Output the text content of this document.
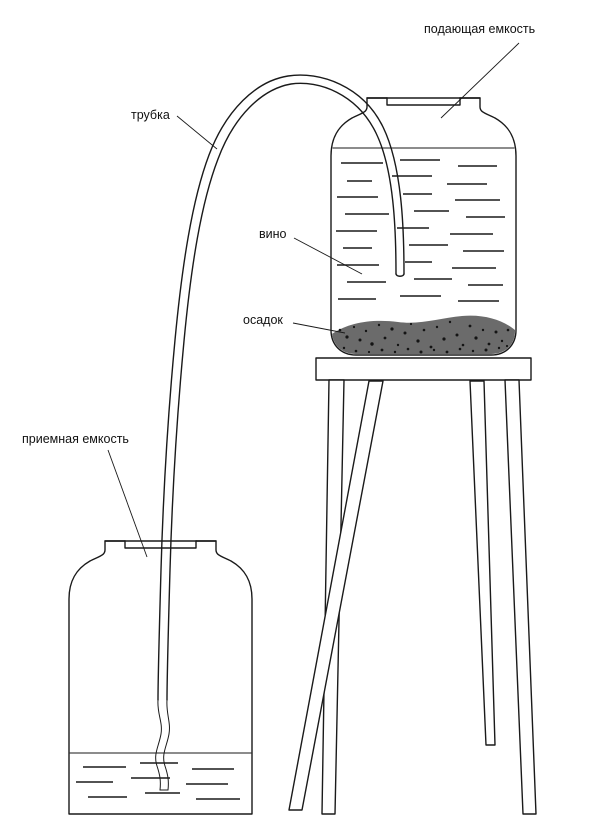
подающая емкость
трубка
вино
осадок
приемная емкость
